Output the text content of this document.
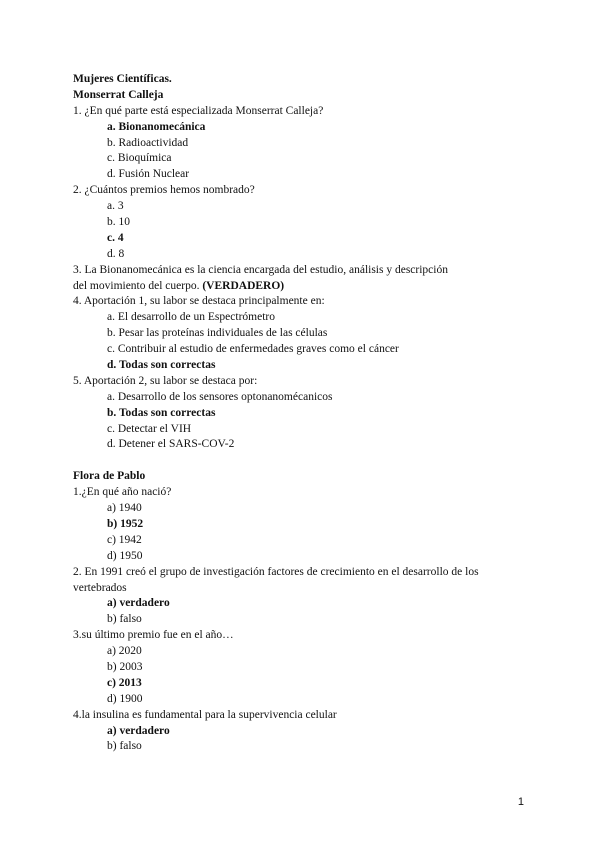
Mujeres Científicas.
Monserrat Calleja
1. ¿En qué parte está especializada Monserrat Calleja?
a. Bionanomecánica
b. Radioactividad
c. Bioquímica
d. Fusión Nuclear
2. ¿Cuántos premios hemos nombrado?
a. 3
b. 10
c. 4
d. 8
3. La Bionanomecánica es la ciencia encargada del estudio, análisis y descripción
del movimiento del cuerpo. (VERDADERO)
4. Aportación 1, su labor se destaca principalmente en:
a. El desarrollo de un Espectrómetro
b. Pesar las proteínas individuales de las células
c. Contribuir al estudio de enfermedades graves como el cáncer
d. Todas son correctas
5. Aportación 2, su labor se destaca por:
a. Desarrollo de los sensores optonanomécanicos
b. Todas son correctas
c. Detectar el VIH
d. Detener el SARS-COV-2
Flora de Pablo
1.¿En qué año nació?
a) 1940
b) 1952
c) 1942
d) 1950
2. En 1991 creó el grupo de investigación factores de crecimiento en el desarrollo de los
vertebrados
a) verdadero
b) falso
3.su último premio fue en el año…
a) 2020
b) 2003
c) 2013
d) 1900
4.la insulina es fundamental para la supervivencia celular
a) verdadero
b) falso
1
